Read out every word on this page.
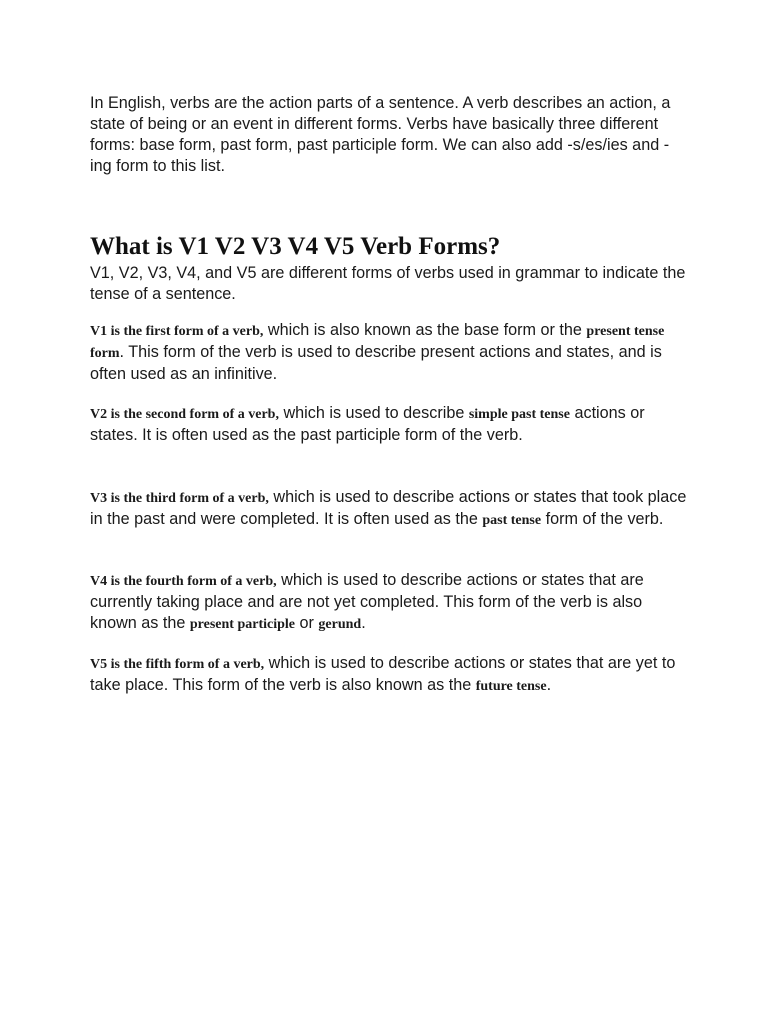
In English, verbs are the action parts of a sentence. A verb describes an action, a state of being or an event in different forms. Verbs have basically three different forms: base form, past form, past participle form. We can also add -s/es/ies and -ing form to this list.

What is V1 V2 V3 V4 V5 Verb Forms?

V1, V2, V3, V4, and V5 are different forms of verbs used in grammar to indicate the tense of a sentence.

V1 is the first form of a verb, which is also known as the base form or the present tense form. This form of the verb is used to describe present actions and states, and is often used as an infinitive.

V2 is the second form of a verb, which is used to describe simple past tense actions or states. It is often used as the past participle form of the verb.

V3 is the third form of a verb, which is used to describe actions or states that took place in the past and were completed. It is often used as the past tense form of the verb.

V4 is the fourth form of a verb, which is used to describe actions or states that are currently taking place and are not yet completed. This form of the verb is also known as the present participle or gerund.

V5 is the fifth form of a verb, which is used to describe actions or states that are yet to take place. This form of the verb is also known as the future tense.
